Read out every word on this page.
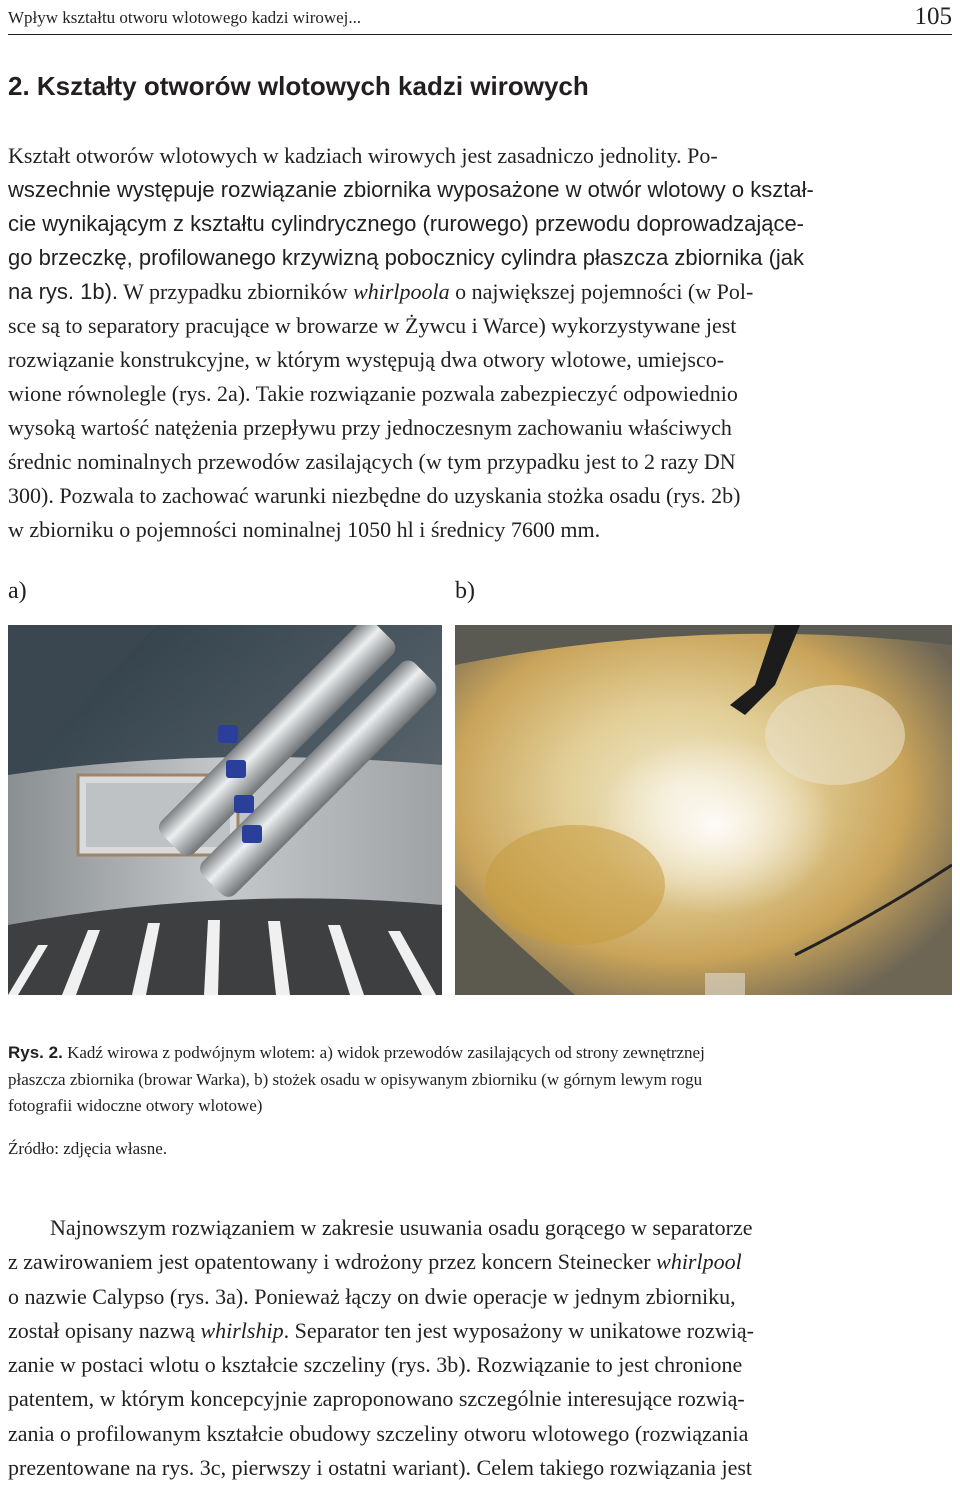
Wpływ kształtu otworu wlotowego kadzi wirowej...	105
2. Kształty otworów wlotowych kadzi wirowych
Kształt otworów wlotowych w kadziach wirowych jest zasadniczo jednolity. Po-
wszechnie występuje rozwiązanie zbiornika wyposażone w otwór wlotowy o kształ-
cie wynikającym z kształtu cylindrycznego (rurowego) przewodu doprowadzające-
go brzeczkę, profilowanego krzywizną pobocznicy cylindra płaszcza zbiornika (jak
na rys. 1b). W przypadku zbiorników whirlpoola o największej pojemności (w Pol-
sce są to separatory pracujące w browarze w Żywcu i Warce) wykorzystywane jest
rozwiązanie konstrukcyjne, w którym występują dwa otwory wlotowe, umiejsco-
wione równolegle (rys. 2a). Takie rozwiązanie pozwala zabezpieczyć odpowiednio
wysoką wartość natężenia przepływu przy jednoczesnym zachowaniu właściwych
średnic nominalnych przewodów zasilających (w tym przypadku jest to 2 razy DN
300). Pozwala to zachować warunki niezbędne do uzyskania stożka osadu (rys. 2b)
w zbiorniku o pojemności nominalnej 1050 hl i średnicy 7600 mm.
a)	b)
Rys. 2. Kadź wirowa z podwójnym wlotem: a) widok przewodów zasilających od strony zewnętrznej
płaszcza zbiornika (browar Warka), b) stożek osadu w opisywanym zbiorniku (w górnym lewym rogu
fotografii widoczne otwory wlotowe)
Źródło: zdjęcia własne.
Najnowszym rozwiązaniem w zakresie usuwania osadu gorącego w separatorze
z zawirowaniem jest opatentowany i wdrożony przez koncern Steinecker whirlpool
o nazwie Calypso (rys. 3a). Ponieważ łączy on dwie operacje w jednym zbiorniku,
został opisany nazwą whirlship. Separator ten jest wyposażony w unikatowe rozwią-
zanie w postaci wlotu o kształcie szczeliny (rys. 3b). Rozwiązanie to jest chronione
patentem, w którym koncepcyjnie zaproponowano szczególnie interesujące rozwią-
zania o profilowanym kształcie obudowy szczeliny otworu wlotowego (rozwiązania
prezentowane na rys. 3c, pierwszy i ostatni wariant). Celem takiego rozwiązania jest
